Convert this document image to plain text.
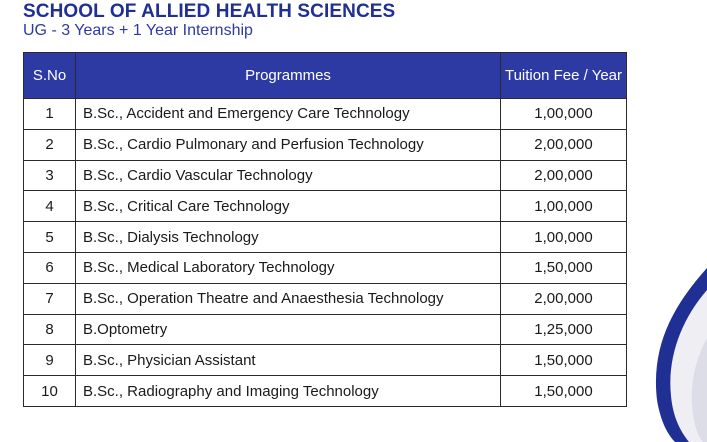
SCHOOL OF ALLIED HEALTH SCIENCES

UG - 3 Years + 1 Year Internship

S.No	Programmes	Tuition Fee / Year
1	B.Sc., Accident and Emergency Care Technology	1,00,000
2	B.Sc., Cardio Pulmonary and Perfusion Technology	2,00,000
3	B.Sc., Cardio Vascular Technology	2,00,000
4	B.Sc., Critical Care Technology	1,00,000
5	B.Sc., Dialysis Technology	1,00,000
6	B.Sc., Medical Laboratory Technology	1,50,000
7	B.Sc., Operation Theatre and Anaesthesia Technology	2,00,000
8	B.Optometry	1,25,000
9	B.Sc., Physician Assistant	1,50,000
10	B.Sc., Radiography and Imaging Technology	1,50,000
